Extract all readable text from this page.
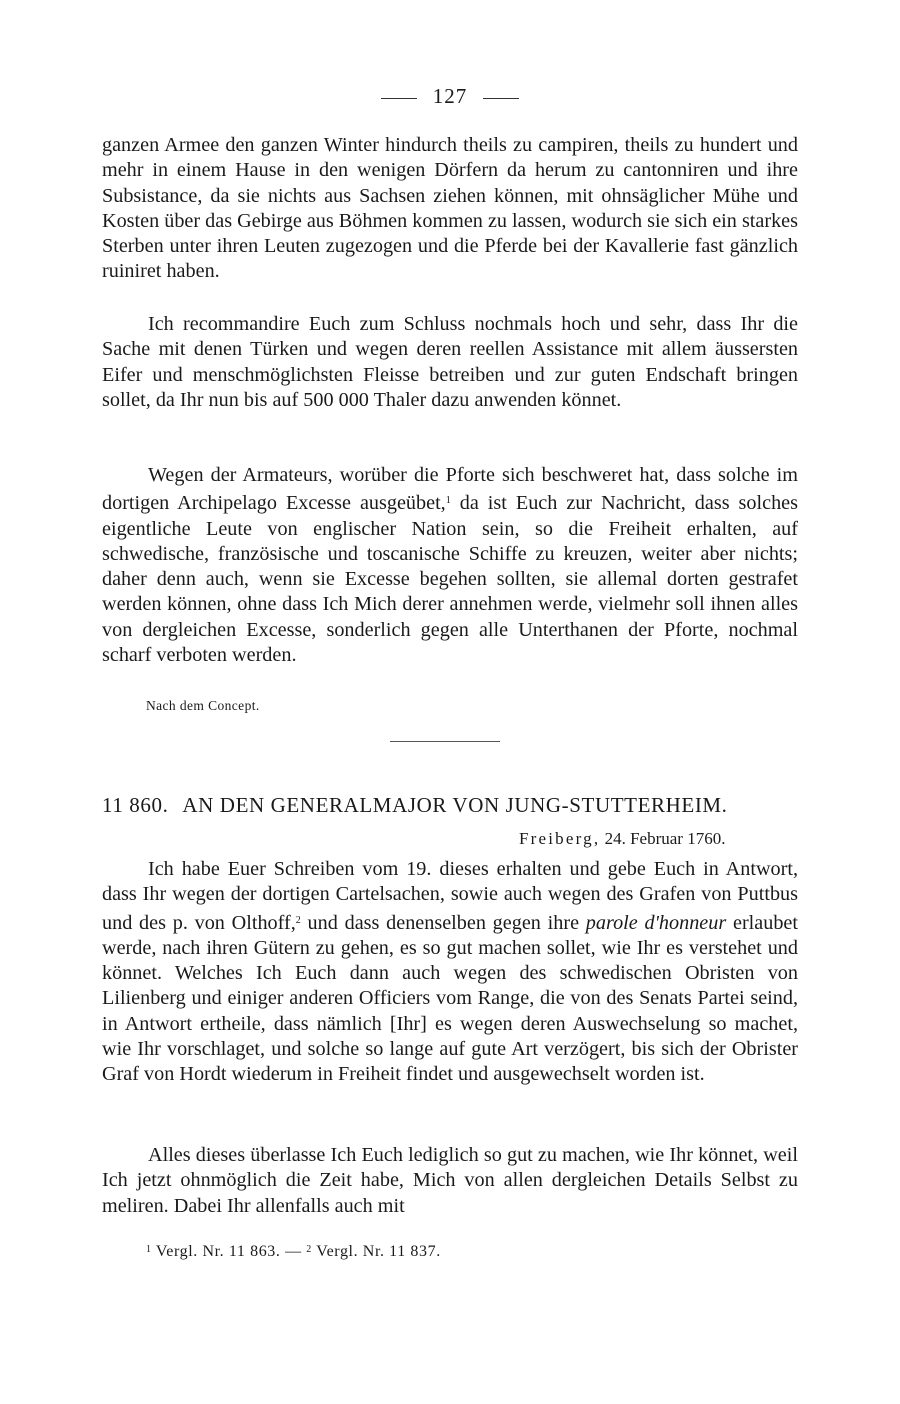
127

ganzen Armee den ganzen Winter hindurch theils zu campiren, theils zu hundert und mehr in einem Hause in den wenigen Dörfern da herum zu cantonniren und ihre Subsistance, da sie nichts aus Sachsen ziehen können, mit ohnsäglicher Mühe und Kosten über das Gebirge aus Böhmen kommen zu lassen, wodurch sie sich ein starkes Sterben unter ihren Leuten zugezogen und die Pferde bei der Kavallerie fast gänzlich ruiniret haben.

Ich recommandire Euch zum Schluss nochmals hoch und sehr, dass Ihr die Sache mit denen Türken und wegen deren reellen Assistance mit allem äussersten Eifer und menschmöglichsten Fleisse betreiben und zur guten Endschaft bringen sollet, da Ihr nun bis auf 500 000 Thaler dazu anwenden könnet.

Wegen der Armateurs, worüber die Pforte sich beschweret hat, dass solche im dortigen Archipelago Excesse ausgeübet,$^1$ da ist Euch zur Nachricht, dass solches eigentliche Leute von englischer Nation sein, so die Freiheit erhalten, auf schwedische, französische und toscanische Schiffe zu kreuzen, weiter aber nichts; daher denn auch, wenn sie Excesse begehen sollten, sie allemal dorten gestrafet werden können, ohne dass Ich Mich derer annehmen werde, vielmehr soll ihnen alles von dergleichen Excesse, sonderlich gegen alle Unterthanen der Pforte, nochmal scharf verboten werden.

Nach dem Concept.
11 860. AN DEN GENERALMAJOR VON JUNG-STUTTERHEIM.
Freiberg, 24. Februar 1760.

Ich habe Euer Schreiben vom 19. dieses erhalten und gebe Euch in Antwort, dass Ihr wegen der dortigen Cartelsachen, sowie auch wegen des Grafen von Puttbus und des p. von Olthoff,$^2$ und dass denenselben gegen ihre parole d'honneur erlaubet werde, nach ihren Gütern zu gehen, es so gut machen sollet, wie Ihr es verstehet und könnet. Welches Ich Euch dann auch wegen des schwedischen Obristen von Lilienberg und einiger anderen Officiers vom Range, die von des Senats Partei seind, in Antwort ertheile, dass nämlich [Ihr] es wegen deren Auswechselung so machet, wie Ihr vorschlaget, und solche so lange auf gute Art verzögert, bis sich der Obrister Graf von Hordt wiederum in Freiheit findet und ausgewechselt worden ist.

Alles dieses überlasse Ich Euch lediglich so gut zu machen, wie Ihr könnet, weil Ich jetzt ohnmöglich die Zeit habe, Mich von allen dergleichen Details Selbst zu meliren. Dabei Ihr allenfalls auch mit

$^1$ Vergl. Nr. 11 863. — $^2$ Vergl. Nr. 11 837.
